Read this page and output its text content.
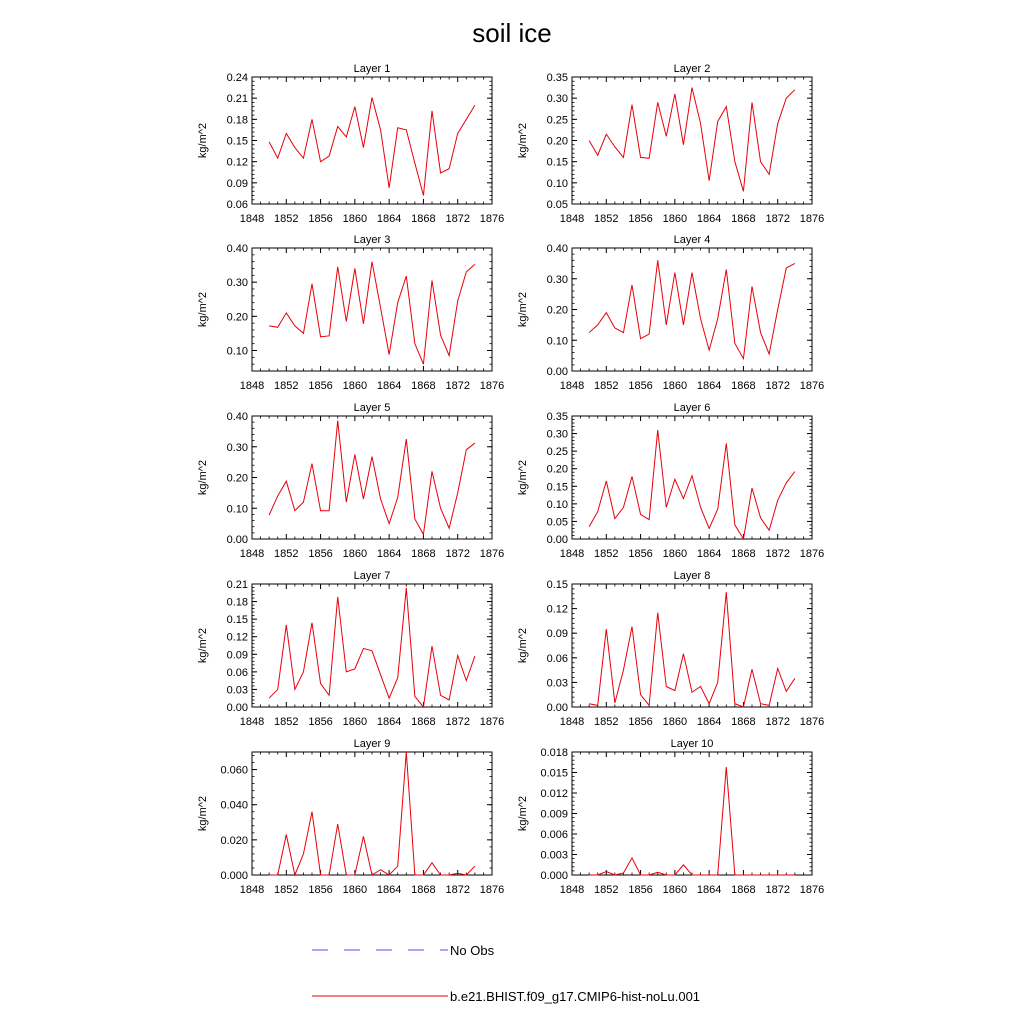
soil ice
Layer 1
0.06
0.09
0.12
0.15
0.18
0.21
0.24
1848 1852 1856 1860 1864 1868 1872 1876
kg/m^2
Layer 2
0.05
0.10
0.15
0.20
0.25
0.30
0.35
1848 1852 1856 1860 1864 1868 1872 1876
kg/m^2
Layer 3
0.10
0.20
0.30
0.40
1848 1852 1856 1860 1864 1868 1872 1876
kg/m^2
Layer 4
0.00
0.10
0.20
0.30
0.40
1848 1852 1856 1860 1864 1868 1872 1876
kg/m^2
Layer 5
0.00
0.10
0.20
0.30
0.40
1848 1852 1856 1860 1864 1868 1872 1876
kg/m^2
Layer 6
0.00
0.05
0.10
0.15
0.20
0.25
0.30
0.35
1848 1852 1856 1860 1864 1868 1872 1876
kg/m^2
Layer 7
0.00
0.03
0.06
0.09
0.12
0.15
0.18
0.21
1848 1852 1856 1860 1864 1868 1872 1876
kg/m^2
Layer 8
0.00
0.03
0.06
0.09
0.12
0.15
1848 1852 1856 1860 1864 1868 1872 1876
kg/m^2
Layer 9
0.000
0.020
0.040
0.060
1848 1852 1856 1860 1864 1868 1872 1876
kg/m^2
Layer 10
0.000
0.003
0.006
0.009
0.012
0.015
0.018
1848 1852 1856 1860 1864 1868 1872 1876
kg/m^2
No Obs
b.e21.BHIST.f09_g17.CMIP6-hist-noLu.001
